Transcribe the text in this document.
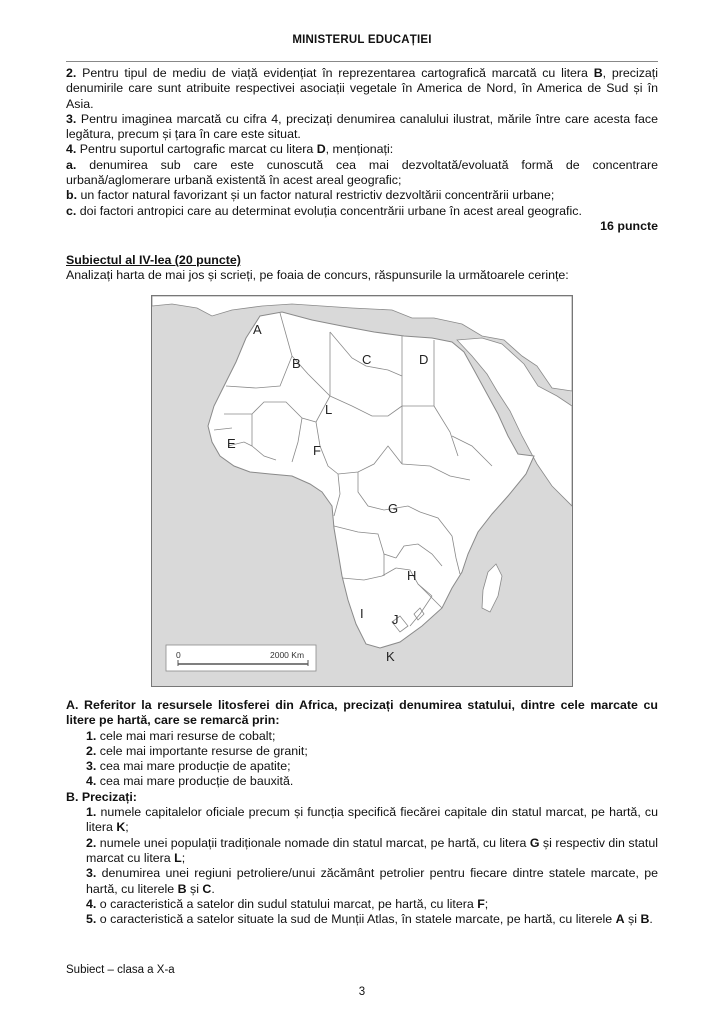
MINISTERUL EDUCAȚIEI

2. Pentru tipul de mediu de viață evidențiat în reprezentarea cartografică marcată cu litera B, precizați denumirile care sunt atribuite respectivei asociații vegetale în America de Nord, în America de Sud și în Asia.

3. Pentru imaginea marcată cu cifra 4, precizați denumirea canalului ilustrat, mările între care acesta face legătura, precum și țara în care este situat.

4. Pentru suportul cartografic marcat cu litera D, menționați:

a. denumirea sub care este cunoscută cea mai dezvoltată/evoluată formă de concentrare urbană/aglomerare urbană existentă în acest areal geografic;

b. un factor natural favorizant și un factor natural restrictiv dezvoltării concentrării urbane;

c. doi factori antropici care au determinat evoluția concentrării urbane în acest areal geografic.

16 puncte

Subiectul al IV-lea (20 puncte)
Analizați harta de mai jos și scrieți, pe foaia de concurs, răspunsurile la următoarele cerințe:
A
B	C	D
E	F
L
G
H
I J
K
0	2000 Km

A. Referitor la resursele litosferei din Africa, precizați denumirea statului, dintre cele marcate cu litere pe hartă, care se remarcă prin:

1. cele mai mari resurse de cobalt;

2. cele mai importante resurse de granit;

3. cea mai mare producție de apatite;

4. cea mai mare producție de bauxită.

B. Precizați:

1. numele capitalelor oficiale precum și funcția specifică fiecărei capitale din statul marcat, pe hartă, cu litera K;

2. numele unei populații tradiționale nomade din statul marcat, pe hartă, cu litera G și respectiv din statul marcat cu litera L;

3. denumirea unei regiuni petroliere/unui zăcământ petrolier pentru fiecare dintre statele marcate, pe hartă, cu literele B și C.

4. o caracteristică a satelor din sudul statului marcat, pe hartă, cu litera F;

5. o caracteristică a satelor situate la sud de Munții Atlas, în statele marcate, pe hartă, cu literele A și B.

Subiect – clasa a X-a
3
